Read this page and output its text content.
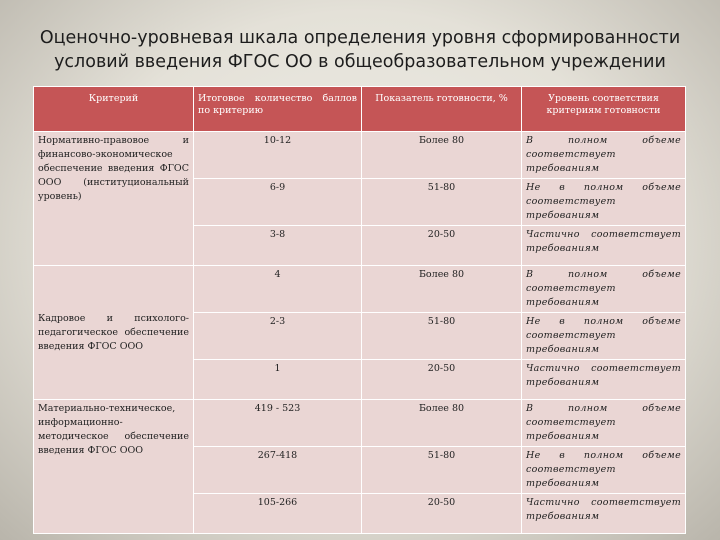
Оценочно-уровневая шкала определения уровня сформированности условий введения ФГОС ОО в общеобразовательном учреждении
Критерий	Итоговое количество баллов по критерию	Показатель готовности, %	Уровень соответствия критериям готовности

Нормативно-правовое и финансово-экономическое обеспечение введения ФГОС ООО (институциональный уровень)	10-12	Более 80	В полном объеме соответствует требованиям
	6-9	51-80	Не в полном объеме соответствует требованиям
	3-8	20-50	Частично соответствует требованиям

Кадровое и психолого-педагогическое обеспечение введения ФГОС ООО	4	Более 80	В полном объеме соответствует требованиям
	2-3	51-80	Не в полном объеме соответствует требованиям
	1	20-50	Частично соответствует требованиям

Материально-техническое, информационно-методическое обеспечение введения ФГОС ООО	419 - 523	Более 80	В полном объеме соответствует требованиям
	267-418	51-80	Не в полном объеме соответствует требованиям
	105-266	20-50	Частично соответствует требованиям
